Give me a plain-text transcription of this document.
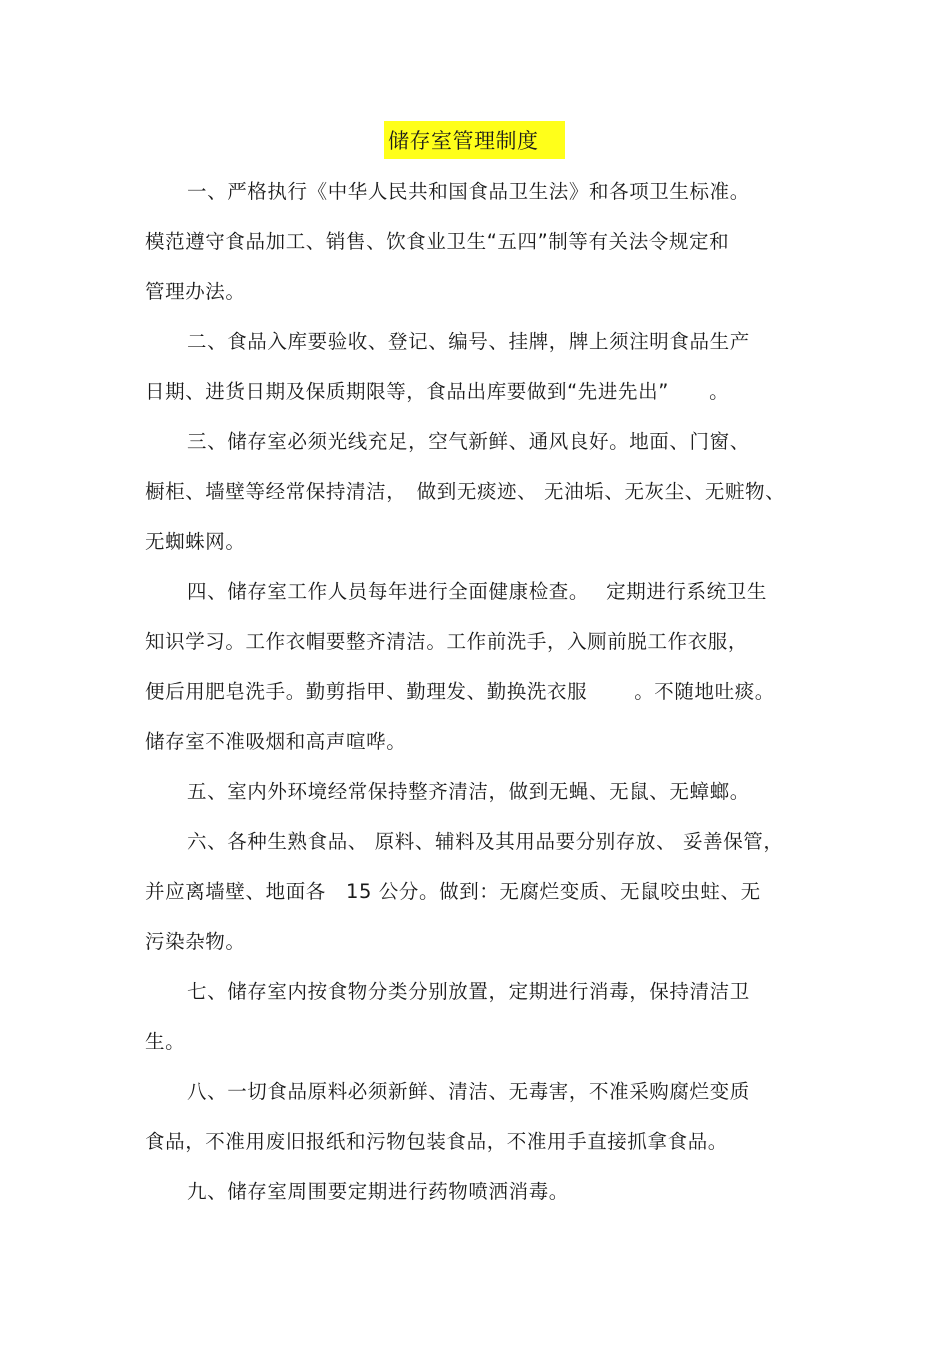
储存室管理制度
一、严格执行《中华人民共和国食品卫生法》和各项卫生标准。
模范遵守食品加工、销售、饮食业卫生“五四”制等有关法令规定和
管理办法。
二、食品入库要验收、登记、编号、挂牌，牌上须注明食品生产
日期、进货日期及保质期限等，食品出库要做到“先进先出”　　。
三、储存室必须光线充足，空气新鲜、通风良好。地面、门窗、
橱柜、墙壁等经常保持清洁，　做到无痰迹、 无油垢、无灰尘、无赃物、
无蜘蛛网。
四、储存室工作人员每年进行全面健康检查。　 定期进行系统卫生
知识学习。工作衣帽要整齐清洁。工作前洗手，入厕前脱工作衣服，
便后用肥皂洗手。勤剪指甲、勤理发、勤换洗衣服　　 。不随地吐痰。
储存室不准吸烟和高声喧哗。
五、室内外环境经常保持整齐清洁，做到无蝇、无鼠、无蟑螂。
六、各种生熟食品、 原料、辅料及其用品要分别存放、 妥善保管，
并应离墙壁、地面各　15 公分。做到：无腐烂变质、无鼠咬虫蛀、无
污染杂物。
七、储存室内按食物分类分别放置，定期进行消毒，保持清洁卫
生。
八、一切食品原料必须新鲜、清洁、无毒害，不准采购腐烂变质
食品，不准用废旧报纸和污物包装食品，不准用手直接抓拿食品。
九、储存室周围要定期进行药物喷洒消毒。
